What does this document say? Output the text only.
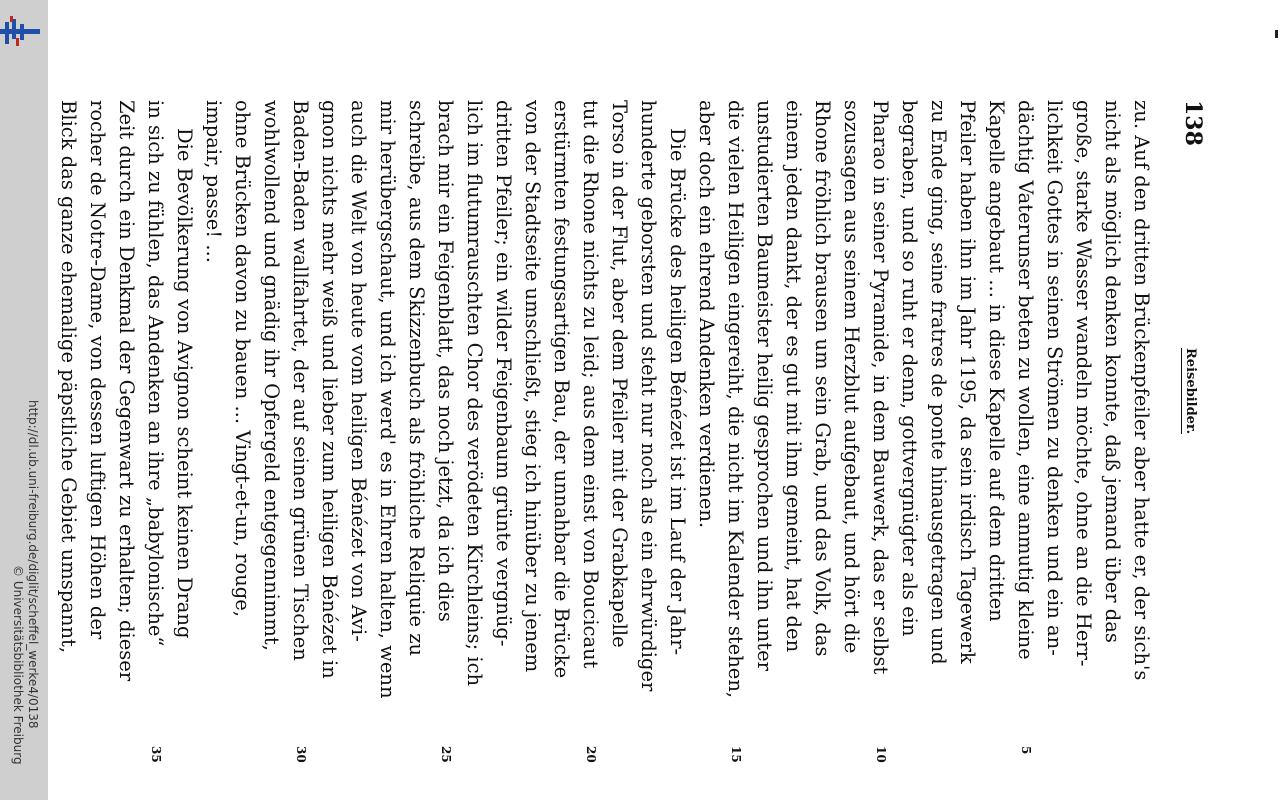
http://dl.ub.uni-freiburg.de/diglit/scheffel_werke4/0138
© Universitätsbibliothek Freiburg
138
Reisebilder.
zu. Auf den dritten Brückenpfeiler aber hatte er, der sich's
nicht als möglich denken konnte, daß jemand über das
große, starke Wasser wandeln möchte, ohne an die Herr-
lichkeit Gottes in seinen Strömen zu denken und ein an-
dächtig Vaterunser beten zu wollen, eine anmutig kleine
5
Kapelle angebaut ... in diese Kapelle auf dem dritten
Pfeiler haben ihn im Jahr 1195, da sein irdisch Tagewerk
zu Ende ging, seine fratres de ponte hinausgetragen und
begraben, und so ruht er denn, gottvergnügter als ein
Pharao in seiner Pyramide, in dem Bauwerk, das er selbst
10
sozusagen aus seinem Herzblut aufgebaut, und hört die
Rhone fröhlich brausen um sein Grab, und das Volk, das
einem jeden dankt, der es gut mit ihm gemeint, hat den
unstudierten Baumeister heilig gesprochen und ihn unter
die vielen Heiligen eingereiht, die nicht im Kalender stehen,
15
aber doch ein ehrend Andenken verdienen.
Die Brücke des heiligen Bénézet ist im Lauf der Jahr-
hunderte geborsten und steht nur noch als ein ehrwürdiger
Torso in der Flut, aber dem Pfeiler mit der Grabkapelle
tut die Rhone nichts zu leid; aus dem einst von Boucicaut
20
erstürmten festungsartigen Bau, der unnahbar die Brücke
von der Stadtseite umschließt, stieg ich hinüber zu jenem
dritten Pfeiler; ein wilder Feigenbaum grünte vergnüg-
lich im flutumrauschten Chor des verödeten Kirchleins; ich
brach mir ein Feigenblatt, das noch jetzt, da ich dies
25
schreibe, aus dem Skizzenbuch als fröhliche Reliquie zu
mir herübergschaut, und ich werd' es in Ehren halten, wenn
auch die Welt von heute vom heiligen Bénézet von Avi-
gnon nichts mehr weiß und lieber zum heiligen Bénézet in
Baden-Baden wallfahrtet, der auf seinen grünen Tischen
30
wohlwollend und gnädig ihr Opfergeld entgegennimmt,
ohne Brücken davon zu bauen ... Vingt-et-un, rouge,
impair, passe! ...
Die Bevölkerung von Avignon scheint keinen Drang
in sich zu fühlen, das Andenken an ihre „babylonische“
35
Zeit durch ein Denkmal der Gegenwart zu erhalten; dieser
rocher de Notre-Dame, von dessen luftigen Höhen der
Blick das ganze ehemalige päpstliche Gebiet umspannt,
